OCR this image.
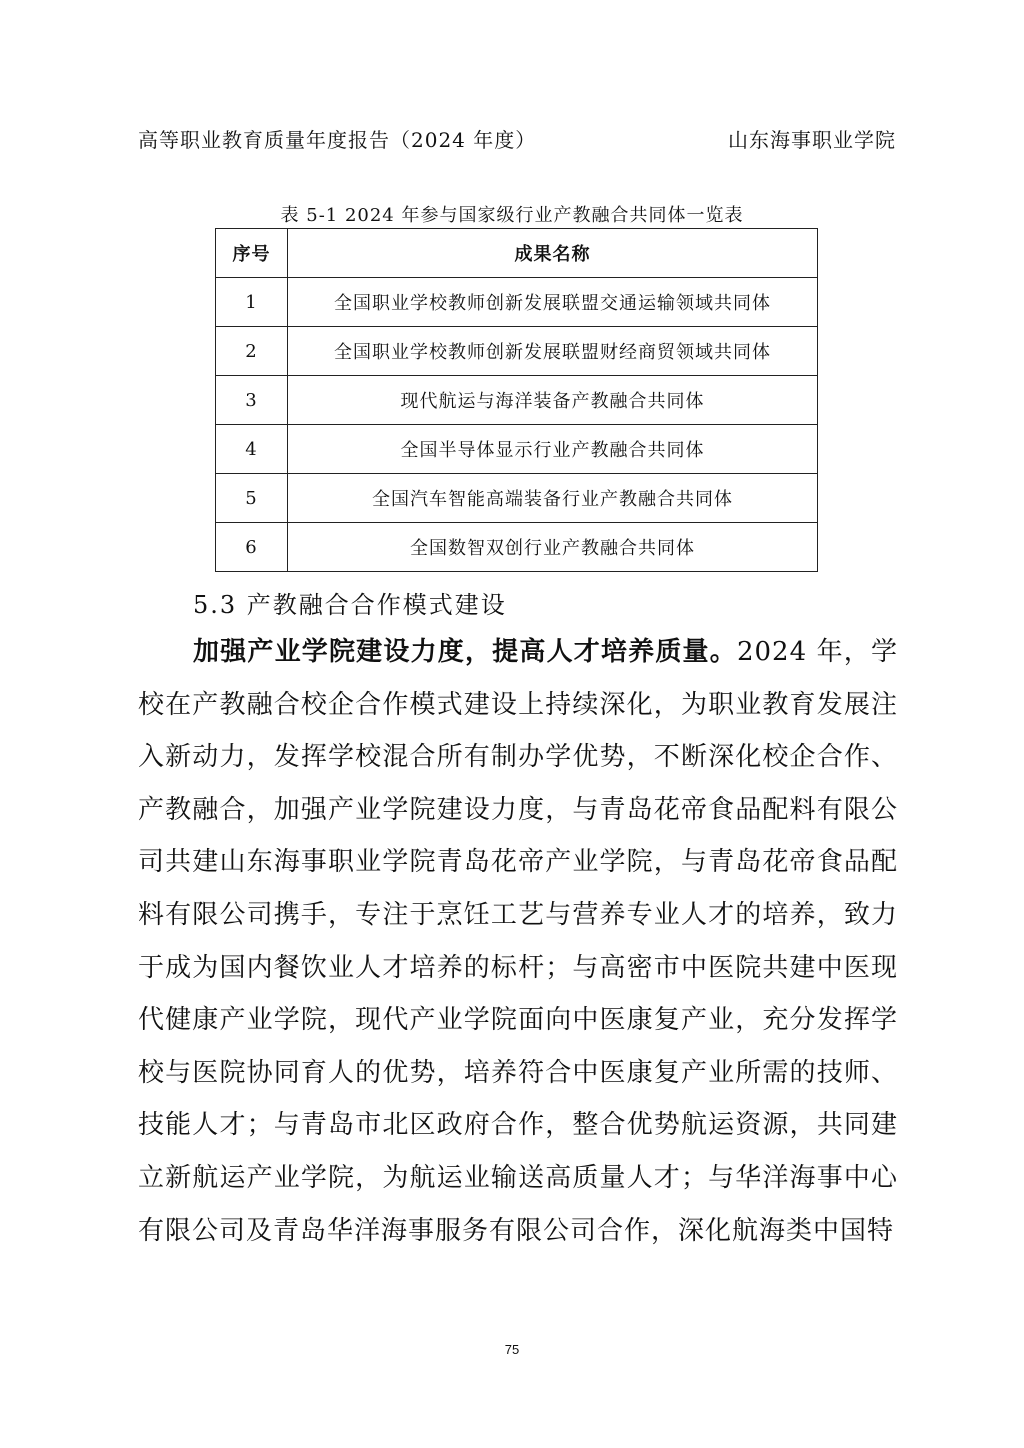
高等职业教育质量年度报告（2024 年度）	山东海事职业学院
表 5-1 2024 年参与国家级行业产教融合共同体一览表
序号	成果名称
1	全国职业学校教师创新发展联盟交通运输领域共同体
2	全国职业学校教师创新发展联盟财经商贸领域共同体
3	现代航运与海洋装备产教融合共同体
4	全国半导体显示行业产教融合共同体
5	全国汽车智能高端装备行业产教融合共同体
6	全国数智双创行业产教融合共同体
5.3 产教融合合作模式建设

加强产业学院建设力度，提高人才培养质量。2024 年，学校在产教融合校企合作模式建设上持续深化，为职业教育发展注入新动力，发挥学校混合所有制办学优势，不断深化校企合作、产教融合，加强产业学院建设力度，与青岛花帝食品配料有限公司共建山东海事职业学院青岛花帝产业学院，与青岛花帝食品配料有限公司携手，专注于烹饪工艺与营养专业人才的培养，致力于成为国内餐饮业人才培养的标杆；与高密市中医院共建中医现代健康产业学院，现代产业学院面向中医康复产业，充分发挥学校与医院协同育人的优势，培养符合中医康复产业所需的技师、技能人才；与青岛市北区政府合作，整合优势航运资源，共同建立新航运产业学院，为航运业输送高质量人才；与华洋海事中心有限公司及青岛华洋海事服务有限公司合作，深化航海类中国特

75
